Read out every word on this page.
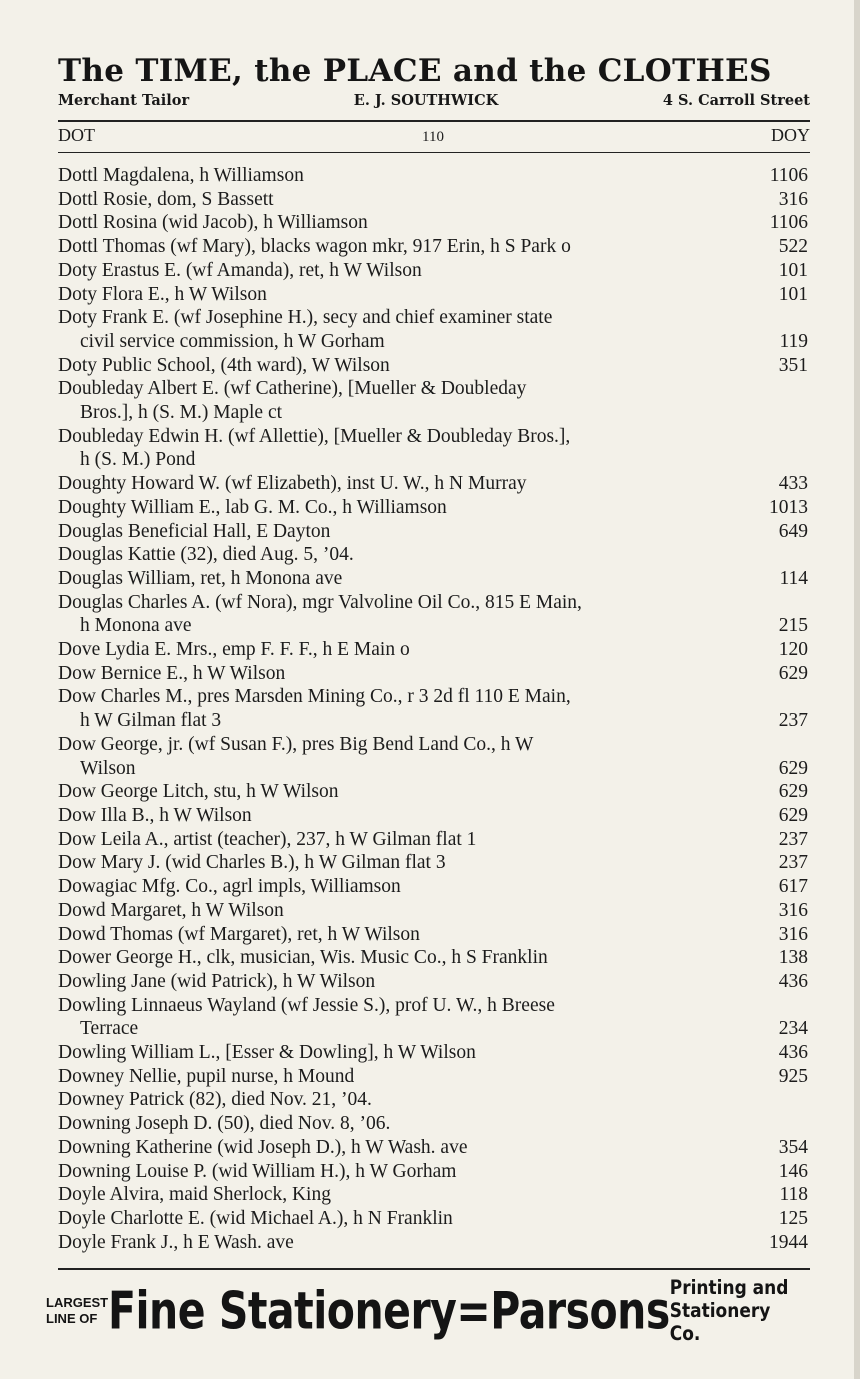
The TIME, the PLACE and the CLOTHES
Merchant Tailor	E. J. SOUTHWICK	4 S. Carroll Street
DOT	110	DOY
Dottl Magdalena, h Williamson	1106
Dottl Rosie, dom, S Bassett	316
Dottl Rosina (wid Jacob), h Williamson	1106
Dottl Thomas (wf Mary), blacks wagon mkr, 917 Erin, h S Park o	522
Doty Erastus E. (wf Amanda), ret, h W Wilson	101
Doty Flora E., h W Wilson	101
Doty Frank E. (wf Josephine H.), secy and chief examiner state
civil service commission, h W Gorham	119
Doty Public School, (4th ward), W Wilson	351
Doubleday Albert E. (wf Catherine), [Mueller & Doubleday
Bros.], h (S. M.) Maple ct
Doubleday Edwin H. (wf Allettie), [Mueller & Doubleday Bros.],
h (S. M.) Pond
Doughty Howard W. (wf Elizabeth), inst U. W., h N Murray	433
Doughty William E., lab G. M. Co., h Williamson	1013
Douglas Beneficial Hall, E Dayton	649
Douglas Kattie (32), died Aug. 5, ’04.
Douglas William, ret, h Monona ave	114
Douglas Charles A. (wf Nora), mgr Valvoline Oil Co., 815 E Main,
h Monona ave	215
Dove Lydia E. Mrs., emp F. F. F., h E Main o	120
Dow Bernice E., h W Wilson	629
Dow Charles M., pres Marsden Mining Co., r 3 2d fl 110 E Main,
h W Gilman flat 3	237
Dow George, jr. (wf Susan F.), pres Big Bend Land Co., h W
Wilson	629
Dow George Litch, stu, h W Wilson	629
Dow Illa B., h W Wilson	629
Dow Leila A., artist (teacher), 237, h W Gilman flat 1	237
Dow Mary J. (wid Charles B.), h W Gilman flat 3	237
Dowagiac Mfg. Co., agrl impls, Williamson	617
Dowd Margaret, h W Wilson	316
Dowd Thomas (wf Margaret), ret, h W Wilson	316
Dower George H., clk, musician, Wis. Music Co., h S Franklin	138
Dowling Jane (wid Patrick), h W Wilson	436
Dowling Linnaeus Wayland (wf Jessie S.), prof U. W., h Breese
Terrace	234
Dowling William L., [Esser & Dowling], h W Wilson	436
Downey Nellie, pupil nurse, h Mound	925
Downey Patrick (82), died Nov. 21, ’04.
Downing Joseph D. (50), died Nov. 8, ’06.
Downing Katherine (wid Joseph D.), h W Wash. ave	354
Downing Louise P. (wid William H.), h W Gorham	146
Doyle Alvira, maid Sherlock, King	118
Doyle Charlotte E. (wid Michael A.), h N Franklin	125
Doyle Frank J., h E Wash. ave	1944
LARGEST
LINE OF Fine Stationery=Parsons Printing and
Stationery Co.
